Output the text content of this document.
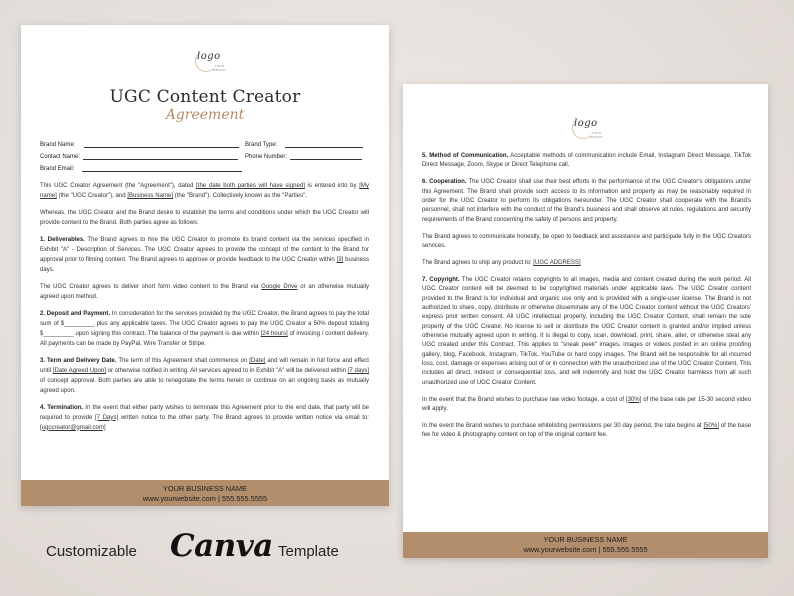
logo
YOUR BRAND
UGC Content Creator
Agreement
Brand Name:	Brand Type:
Contact Name:	Phone Number:
Brand Email:

This UGC Creator Agreement (the "Agreement"), dated [the date both parties will have signed] is entered into by [My name] (the "UGC Creator"), and [Business Name] (the "Brand"). Collectively known as the "Parties".

Whereas, the UGC Creator and the Brand desire to establish the terms and conditions under which the UGC Creator will provide content to the Brand. Both parties agree as follows:

1. Deliverables. The Brand agrees to hire the UGC Creator to promote its brand content via the services specified in Exhibit "A" - Description of Services. The UGC Creator agrees to provide the concept of the content to the Brand for approval prior to filming content. The Brand agrees to approve or provide feedback to the UGC Creator within [3] business days.

The UGC Creator agrees to deliver short form video content to the Brand via Google Drive or an otherwise mutually agreed upon method.

2. Deposit and Payment. In consideration for the services provided by the UGC Creator, the Brand agrees to pay the total sum of $_________ plus any applicable taxes. The UGC Creator agrees to pay the UGC Creator a 50% deposit totaling $_________ upon signing this contract. The balance of the payment is due within [24 hours] of invoicing / content delivery. All payments can be made by PayPal, Wire Transfer or Stripe.

3. Term and Delivery Date. The term of this Agreement shall commence on [Date] and will remain in full force and effect until [Date Agreed Upon] or otherwise notified in writing. All services agreed to in Exhibit "A" will be delivered within [7 days] of concept approval. Both parties are able to renegotiate the terms herein or continue on an ongoing basis as mutually agreed upon.

4. Termination. In the event that either party wishes to terminate this Agreement prior to the end date, that party will be required to provide [7 Days] written notice to the other party. The Brand agrees to provide written notice via email to: [ugccreator@gmail.com]

YOUR BUSINESS NAME
www.yourwebsite.com | 555.555.5555
logo
YOUR BRAND

5. Method of Communication. Acceptable methods of communication include Email, Instagram Direct Message, TikTok Direct Message, Zoom, Skype or Direct Telephone call.

6. Cooperation. The UGC Creator shall use their best efforts in the performance of the UGC Creator's obligations under this Agreement. The Brand shall provide such access to its information and property as may be reasonably required in order for the UGC Creator to perform its obligations hereunder. The UGC Creator shall cooperate with the Brand's personnel, shall not interfere with the conduct of the Brand's business and shall observe all rules, regulations and security requirements of the Brand concerning the safety of persons and property.

The Brand agrees to communicate honestly, be open to feedback and assistance and participate fully in the UGC Creators services.

The Brand agrees to ship any product to: [UGC ADDRESS]

7. Copyright. The UGC Creator retains copyrights to all images, media and content created during the work period. All UGC Creator content will be deemed to be copyrighted materials under applicable laws. The UGC Creator content provided to the Brand is for individual and organic use only and is provided with a single-user license. The Brand is not authorized to share, copy, distribute or otherwise disseminate any of the UGC Creator content without the UGC Creators' express prior written consent. All UGC intellectual property, including the UGC Creator Content, shall remain the sole property of the UGC Creator. No license to sell or distribute the UGC Creator content is granted and/or implied unless otherwise mutually agreed upon in writing. It is illegal to copy, scan, download, print, share, alter, or otherwise steal any UGC created under this Contract. This applies to "sneak peek" images, images or videos posted in an online proofing gallery, blog, Facebook, Instagram, TikTok, YouTube or hard copy images. The Brand will be responsible for all incurred loss, cost, damage or expenses arising out of or in connection with the unauthorized use of the UGC Creator Content. This includes all direct, indirect or consequential loss, and will indemnify and hold the UGC Creator harmless from all such unauthorized use of UGC Creator Content.

In the event that the Brand wishes to purchase raw video footage, a cost of [30%] of the base rate per 15-30 second video will apply.

In the event the Brand wishes to purchase whitelisting permissions per 30 day period, the rate begins at [50%] of the base fee for video & photography content on top of the original content fee.

YOUR BUSINESS NAME
www.yourwebsite.com | 555.555.5555
Customizable Canva Template
